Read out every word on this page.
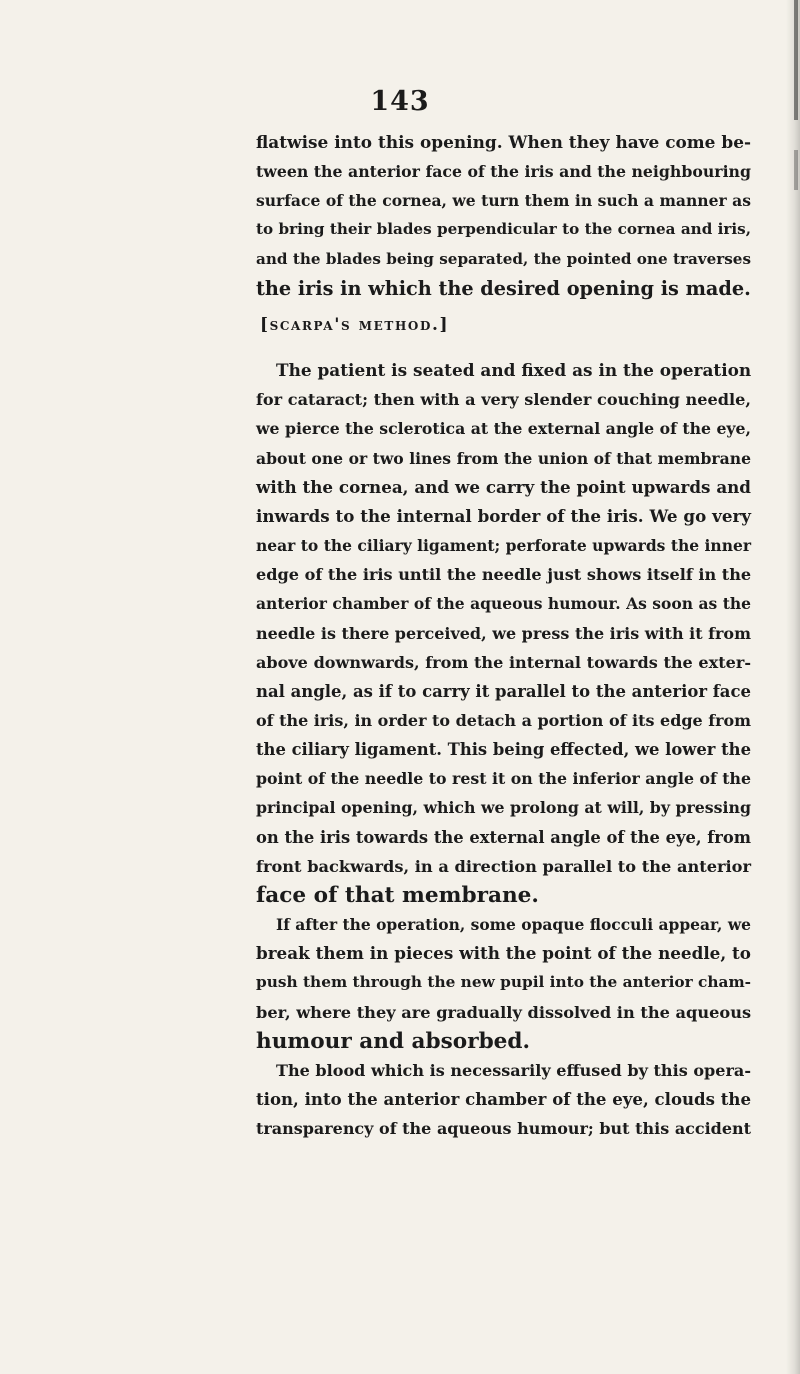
143
flatwise into this opening. When they have come be-
tween the anterior face of the iris and the neighbouring
surface of the cornea, we turn them in such a manner as
to bring their blades perpendicular to the cornea and iris,
and the blades being separated, the pointed one traverses
the iris in which the desired opening is made.
[scarpa's method.]
The patient is seated and fixed as in the operation
for cataract; then with a very slender couching needle,
we pierce the sclerotica at the external angle of the eye,
about one or two lines from the union of that membrane
with the cornea, and we carry the point upwards and
inwards to the internal border of the iris. We go very
near to the ciliary ligament; perforate upwards the inner
edge of the iris until the needle just shows itself in the
anterior chamber of the aqueous humour. As soon as the
needle is there perceived, we press the iris with it from
above downwards, from the internal towards the exter-
nal angle, as if to carry it parallel to the anterior face
of the iris, in order to detach a portion of its edge from
the ciliary ligament. This being effected, we lower the
point of the needle to rest it on the inferior angle of the
principal opening, which we prolong at will, by pressing
on the iris towards the external angle of the eye, from
front backwards, in a direction parallel to the anterior
face of that membrane.
If after the operation, some opaque flocculi appear, we
break them in pieces with the point of the needle, to
push them through the new pupil into the anterior cham-
ber, where they are gradually dissolved in the aqueous
humour and absorbed.
The blood which is necessarily effused by this opera-
tion, into the anterior chamber of the eye, clouds the
transparency of the aqueous humour; but this accident
